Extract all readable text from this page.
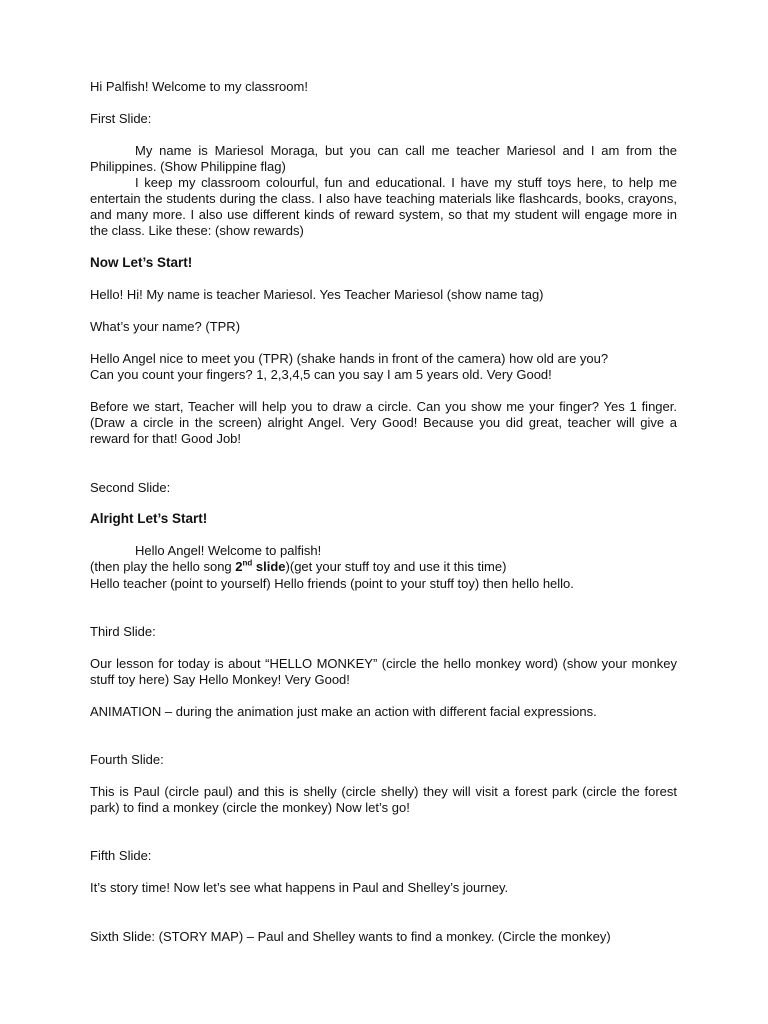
Hi Palfish! Welcome to my classroom!

First Slide:

My name is Mariesol Moraga, but you can call me teacher Mariesol and I am from the Philippines. (Show Philippine flag)

I keep my classroom colourful, fun and educational. I have my stuff toys here, to help me entertain the students during the class. I also have teaching materials like flashcards, books, crayons, and many more. I also use different kinds of reward system, so that my student will engage more in the class. Like these: (show rewards)

Now Let’s Start!

Hello! Hi! My name is teacher Mariesol. Yes Teacher Mariesol (show name tag)

What’s your name? (TPR)

Hello Angel nice to meet you (TPR) (shake hands in front of the camera) how old are you?

Can you count your fingers? 1, 2,3,4,5 can you say I am 5 years old. Very Good!

Before we start, Teacher will help you to draw a circle. Can you show me your finger? Yes 1 finger. (Draw a circle in the screen) alright Angel. Very Good! Because you did great, teacher will give a reward for that! Good Job!

Second Slide:

Alright Let’s Start!

Hello Angel! Welcome to palfish!

(then play the hello song 2nd slide)(get your stuff toy and use it this time)

Hello teacher (point to yourself) Hello friends (point to your stuff toy) then hello hello.

Third Slide:

Our lesson for today is about “HELLO MONKEY” (circle the hello monkey word) (show your monkey stuff toy here) Say Hello Monkey! Very Good!

ANIMATION – during the animation just make an action with different facial expressions.

Fourth Slide:

This is Paul (circle paul) and this is shelly (circle shelly) they will visit a forest park (circle the forest park) to find a monkey (circle the monkey) Now let’s go!

Fifth Slide:

It’s story time! Now let’s see what happens in Paul and Shelley’s journey.

Sixth Slide: (STORY MAP) – Paul and Shelley wants to find a monkey. (Circle the monkey)
